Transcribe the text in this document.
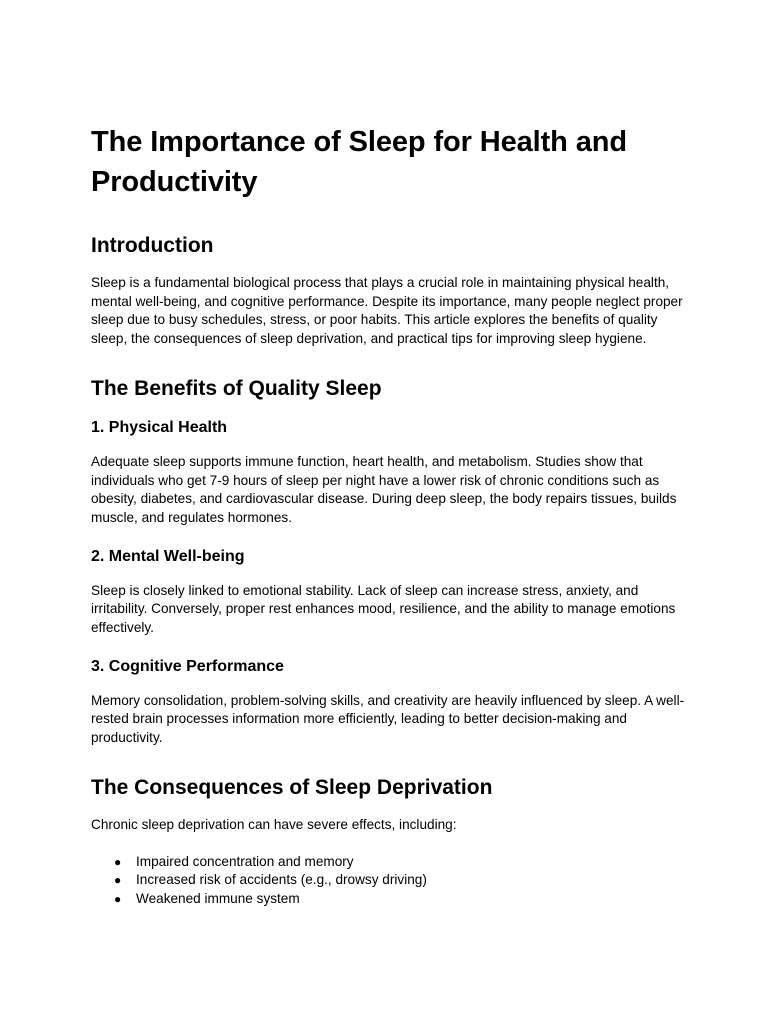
The Importance of Sleep for Health and Productivity
Introduction

Sleep is a fundamental biological process that plays a crucial role in maintaining physical health, mental well-being, and cognitive performance. Despite its importance, many people neglect proper sleep due to busy schedules, stress, or poor habits. This article explores the benefits of quality sleep, the consequences of sleep deprivation, and practical tips for improving sleep hygiene.

The Benefits of Quality Sleep
1. Physical Health

Adequate sleep supports immune function, heart health, and metabolism. Studies show that individuals who get 7-9 hours of sleep per night have a lower risk of chronic conditions such as obesity, diabetes, and cardiovascular disease. During deep sleep, the body repairs tissues, builds muscle, and regulates hormones.

2. Mental Well-being

Sleep is closely linked to emotional stability. Lack of sleep can increase stress, anxiety, and irritability. Conversely, proper rest enhances mood, resilience, and the ability to manage emotions effectively.

3. Cognitive Performance

Memory consolidation, problem-solving skills, and creativity are heavily influenced by sleep. A well-rested brain processes information more efficiently, leading to better decision-making and productivity.

The Consequences of Sleep Deprivation

Chronic sleep deprivation can have severe effects, including:

● Impaired concentration and memory
● Increased risk of accidents (e.g., drowsy driving)
● Weakened immune system
